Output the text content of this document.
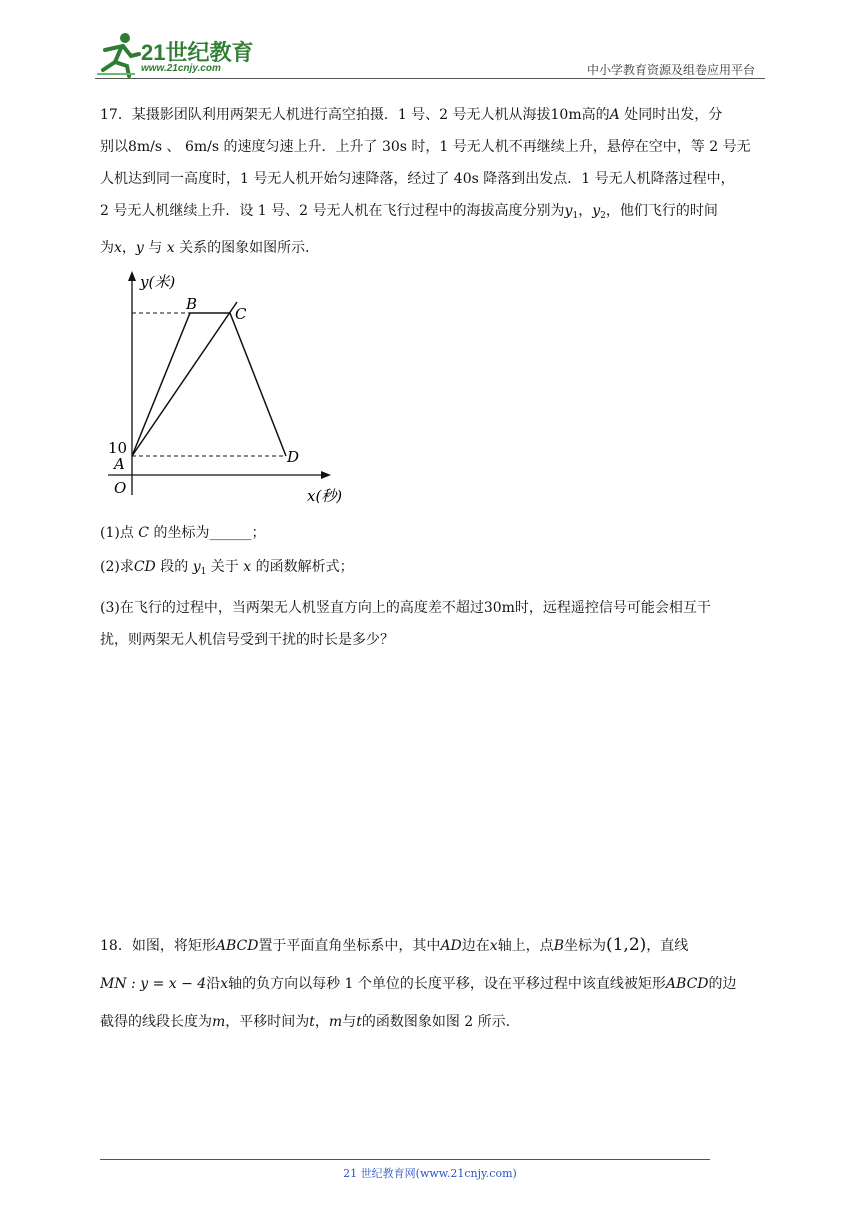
21世纪教育
www.21cnjy.com	中小学教育资源及组卷应用平台

17．某摄影团队利用两架无人机进行高空拍摄．1 号、2 号无人机从海拔10m高的A 处同时出发，分

别以8m/s 、 6m/s 的速度匀速上升．上升了 30s 时，1 号无人机不再继续上升，悬停在空中，等 2 号无

人机达到同一高度时，1 号无人机开始匀速降落，经过了 40s 降落到出发点．1 号无人机降落过程中，

2 号无人机继续上升．设 1 号、2 号无人机在飞行过程中的海拔高度分别为$y_1$，$y_2$，他们飞行的时间

为x，y 与 x 关系的图象如图所示．

y(米)
x(秒)
O
10
A
B
C
D
(1)点 C 的坐标为______；
(2)求CD 段的 $y_1$ 关于 x 的函数解析式；
(3)在飞行的过程中，当两架无人机竖直方向上的高度差不超过30m时，远程遥控信号可能会相互干
扰，则两架无人机信号受到干扰的时长是多少？

18．如图，将矩形ABCD置于平面直角坐标系中，其中AD边在x轴上，点B坐标为(1,2)，直线

MN : y = x − 4沿x轴的负方向以每秒 1 个单位的长度平移，设在平移过程中该直线被矩形ABCD的边

截得的线段长度为m，平移时间为t，m与t的函数图象如图 2 所示．

21 世纪教育网(www.21cnjy.com)
